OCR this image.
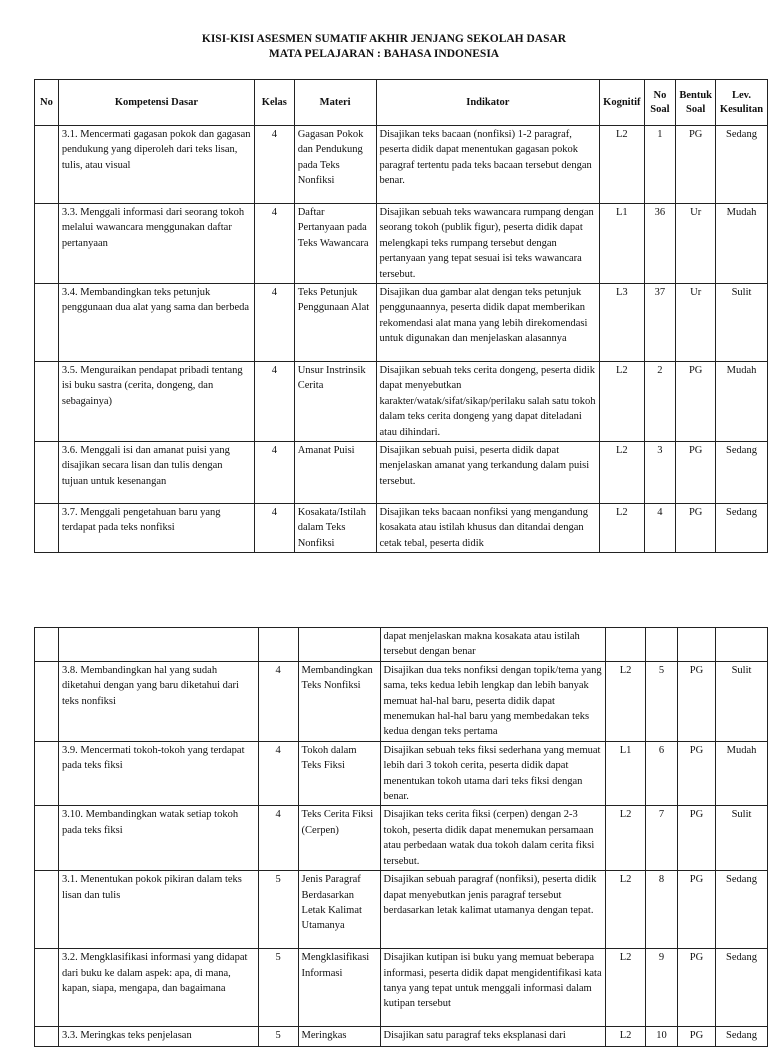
KISI-KISI ASESMEN SUMATIF AKHIR JENJANG SEKOLAH DASAR
MATA PELAJARAN : BAHASA INDONESIA
No	Kompetensi Dasar	Kelas	Materi	Indikator	Kognitif	No Soal	Bentuk Soal	Lev. Kesulitan
	3.1. Mencermati gagasan pokok dan gagasan pendukung yang diperoleh dari teks lisan, tulis, atau visual	4	Gagasan Pokok dan Pendukung pada Teks Nonfiksi	Disajikan teks bacaan (nonfiksi) 1-2 paragraf, peserta didik dapat menentukan gagasan pokok paragraf tertentu pada teks bacaan tersebut dengan benar.	L2	1	PG	Sedang
	3.3. Menggali informasi dari seorang tokoh melalui wawancara menggunakan daftar pertanyaan	4	Daftar Pertanyaan pada Teks Wawancara	Disajikan sebuah teks wawancara rumpang dengan seorang tokoh (publik figur), peserta didik dapat melengkapi teks rumpang tersebut dengan pertanyaan yang tepat sesuai isi teks wawancara tersebut.	L1	36	Ur	Mudah
	3.4. Membandingkan teks petunjuk penggunaan dua alat yang sama dan berbeda	4	Teks Petunjuk Penggunaan Alat	Disajikan dua gambar alat dengan teks petunjuk penggunaannya, peserta didik dapat memberikan rekomendasi alat mana yang lebih direkomendasi untuk digunakan dan menjelaskan alasannya	L3	37	Ur	Sulit
	3.5. Menguraikan pendapat pribadi tentang isi buku sastra (cerita, dongeng, dan sebagainya)	4	Unsur Instrinsik Cerita	Disajikan sebuah teks cerita dongeng, peserta didik dapat menyebutkan karakter/watak/sifat/sikap/perilaku salah satu tokoh dalam teks cerita dongeng yang dapat diteladani atau dihindari.	L2	2	PG	Mudah
	3.6. Menggali isi dan amanat puisi yang disajikan secara lisan dan tulis dengan tujuan untuk kesenangan	4	Amanat Puisi	Disajikan sebuah puisi, peserta didik dapat menjelaskan amanat yang terkandung dalam puisi tersebut.	L2	3	PG	Sedang
	3.7. Menggali pengetahuan baru yang terdapat pada teks nonfiksi	4	Kosakata/Istilah dalam Teks Nonfiksi	Disajikan teks bacaan nonfiksi yang mengandung kosakata atau istilah khusus dan ditandai dengan cetak tebal, peserta didik	L2	4	PG	Sedang
				dapat menjelaskan makna kosakata atau istilah tersebut dengan benar				
	3.8. Membandingkan hal yang sudah diketahui dengan yang baru diketahui dari teks nonfiksi	4	Membandingkan Teks Nonfiksi	Disajikan dua teks nonfiksi dengan topik/tema yang sama, teks kedua lebih lengkap dan lebih banyak memuat hal-hal baru, peserta didik dapat menemukan hal-hal baru yang membedakan teks kedua dengan teks pertama	L2	5	PG	Sulit
	3.9. Mencermati tokoh-tokoh yang terdapat pada teks fiksi	4	Tokoh dalam Teks Fiksi	Disajikan sebuah teks fiksi sederhana yang memuat lebih dari 3 tokoh cerita, peserta didik dapat menentukan tokoh utama dari teks fiksi dengan benar.	L1	6	PG	Mudah
	3.10. Membandingkan watak setiap tokoh pada teks fiksi	4	Teks Cerita Fiksi (Cerpen)	Disajikan teks cerita fiksi (cerpen) dengan 2-3 tokoh, peserta didik dapat menemukan persamaan atau perbedaan watak dua tokoh dalam cerita fiksi tersebut.	L2	7	PG	Sulit
	3.1. Menentukan pokok pikiran dalam teks lisan dan tulis	5	Jenis Paragraf Berdasarkan Letak Kalimat Utamanya	Disajikan sebuah paragraf (nonfiksi), peserta didik dapat menyebutkan jenis paragraf tersebut berdasarkan letak kalimat utamanya dengan tepat.	L2	8	PG	Sedang
	3.2. Mengklasifikasi informasi yang didapat dari buku ke dalam aspek: apa, di mana, kapan, siapa, mengapa, dan bagaimana	5	Mengklasifikasi Informasi	Disajikan kutipan isi buku yang memuat beberapa informasi, peserta didik dapat mengidentifikasi kata tanya yang tepat untuk menggali informasi dalam kutipan tersebut	L2	9	PG	Sedang
	3.3. Meringkas teks penjelasan	5	Meringkas	Disajikan satu paragraf teks eksplanasi dari	L2	10	PG	Sedang
